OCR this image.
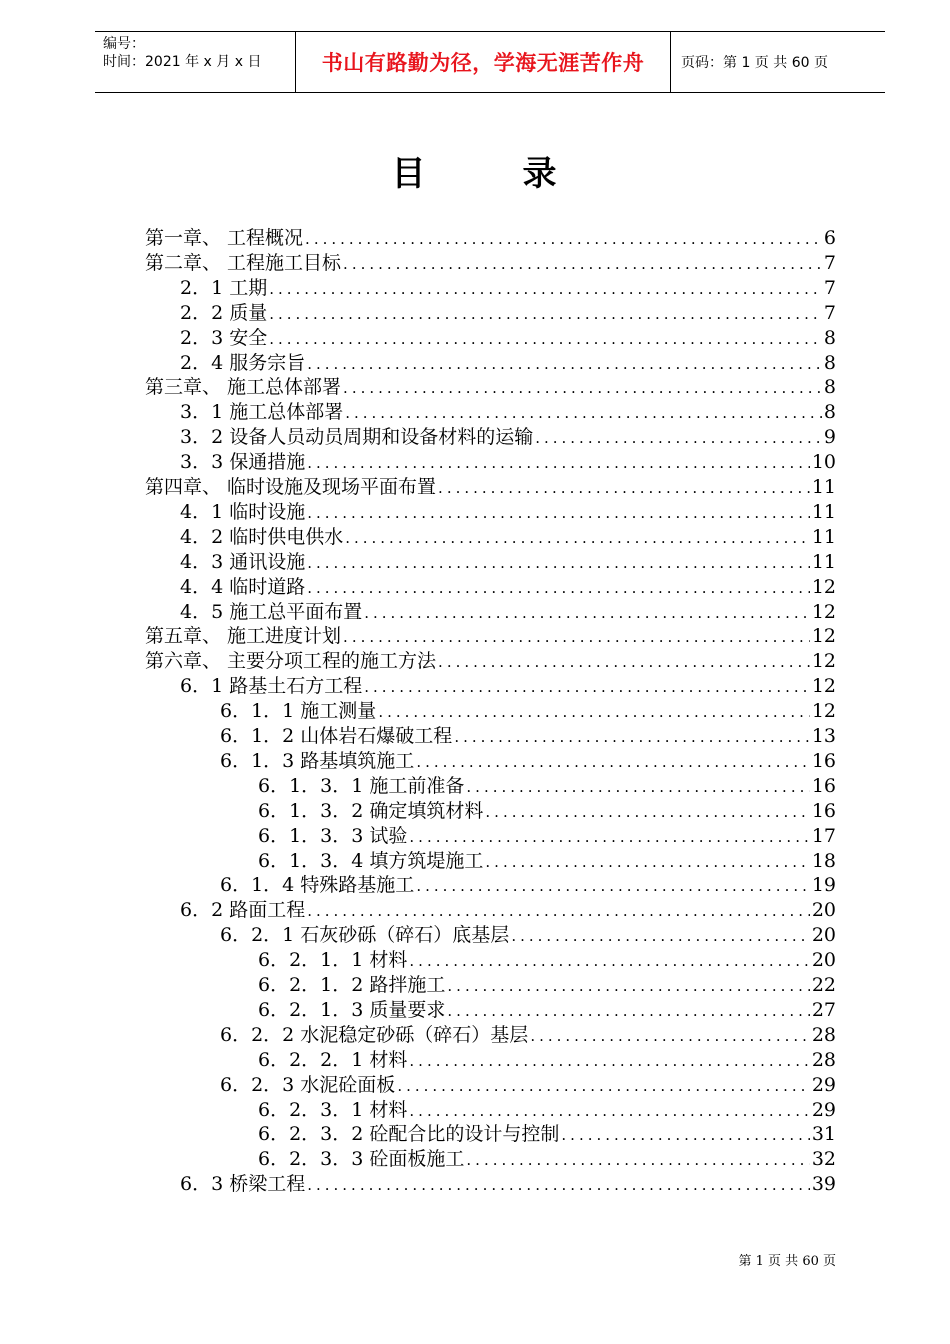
编号：
时间：2021 年 x 月 x 日	书山有路勤为径，学海无涯苦作舟	页码：第 1 页 共 60 页
目	录
第一章、 工程概况 .....	6
第二章、 工程施工目标 .....	7
2．1 工期 .....	7
2．2 质量 .....	7
2．3 安全 .....	8
2．4 服务宗旨 .....	8
第三章、 施工总体部署 .....	8
3．1 施工总体部署 .....	8
3．2 设备人员动员周期和设备材料的运输 .....	9
3．3 保通措施 .....	10
第四章、 临时设施及现场平面布置 .....	11
4．1 临时设施 .....	11
4．2 临时供电供水 .....	11
4．3 通讯设施 .....	11
4．4 临时道路 .....	12
4．5 施工总平面布置 .....	12
第五章、 施工进度计划 .....	12
第六章、 主要分项工程的施工方法 .....	12
6．1 路基土石方工程 .....	12
6．1．1 施工测量 .....	12
6．1．2 山体岩石爆破工程 .....	13
6．1．3 路基填筑施工 .....	16
6．1．3．1 施工前准备 .....	16
6．1．3．2 确定填筑材料 .....	16
6．1．3．3 试验 .....	17
6．1．3．4 填方筑堤施工 .....	18
6．1．4 特殊路基施工 .....	19
6．2 路面工程 .....	20
6．2．1 石灰砂砾（碎石）底基层 .....	20
6．2．1．1 材料 .....	20
6．2．1．2 路拌施工 .....	22
6．2．1．3 质量要求 .....	27
6．2．2 水泥稳定砂砾（碎石）基层 .....	28
6．2．2．1 材料 .....	28
6．2．3 水泥砼面板 .....	29
6．2．3．1 材料 .....	29
6．2．3．2 砼配合比的设计与控制 .....	31
6．2．3．3 砼面板施工 .....	32
6．3 桥梁工程 .....	39
第 1 页 共 60 页
